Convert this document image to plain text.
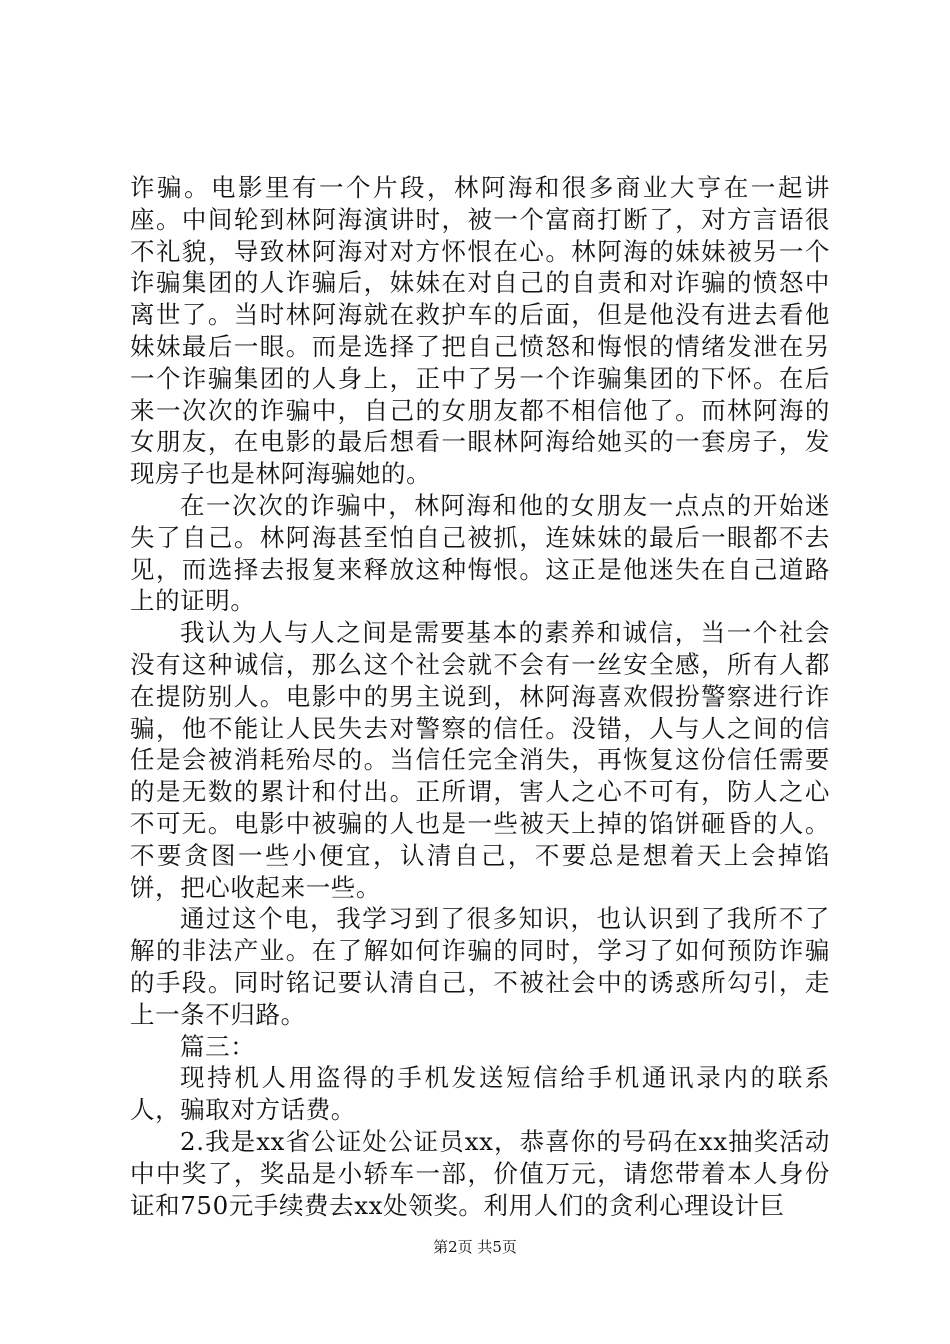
诈骗。电影里有一个片段，林阿海和很多商业大亨在一起讲座。中间轮到林阿海演讲时，被一个富商打断了，对方言语很不礼貌，导致林阿海对对方怀恨在心。林阿海的妹妹被另一个诈骗集团的人诈骗后，妹妹在对自己的自责和对诈骗的愤怒中离世了。当时林阿海就在救护车的后面，但是他没有进去看他妹妹最后一眼。而是选择了把自己愤怒和悔恨的情绪发泄在另一个诈骗集团的人身上，正中了另一个诈骗集团的下怀。在后来一次次的诈骗中，自己的女朋友都不相信他了。而林阿海的女朋友，在电影的最后想看一眼林阿海给她买的一套房子，发现房子也是林阿海骗她的。

在一次次的诈骗中，林阿海和他的女朋友一点点的开始迷失了自己。林阿海甚至怕自己被抓，连妹妹的最后一眼都不去见，而选择去报复来释放这种悔恨。这正是他迷失在自己道路上的证明。

我认为人与人之间是需要基本的素养和诚信，当一个社会没有这种诚信，那么这个社会就不会有一丝安全感，所有人都在提防别人。电影中的男主说到，林阿海喜欢假扮警察进行诈骗，他不能让人民失去对警察的信任。没错，人与人之间的信任是会被消耗殆尽的。当信任完全消失，再恢复这份信任需要的是无数的累计和付出。正所谓，害人之心不可有，防人之心不可无。电影中被骗的人也是一些被天上掉的馅饼砸昏的人。不要贪图一些小便宜，认清自己，不要总是想着天上会掉馅饼，把心收起来一些。

通过这个电，我学习到了很多知识，也认识到了我所不了解的非法产业。在了解如何诈骗的同时，学习了如何预防诈骗的手段。同时铭记要认清自己，不被社会中的诱惑所勾引，走上一条不归路。

篇三：

现持机人用盗得的手机发送短信给手机通讯录内的联系人，骗取对方话费。

2.我是xx省公证处公证员xx，恭喜你的号码在xx抽奖活动中中奖了，奖品是小轿车一部，价值万元，请您带着本人身份证和750元手续费去xx处领奖。利用人们的贪利心理设计巨

第2页 共5页
